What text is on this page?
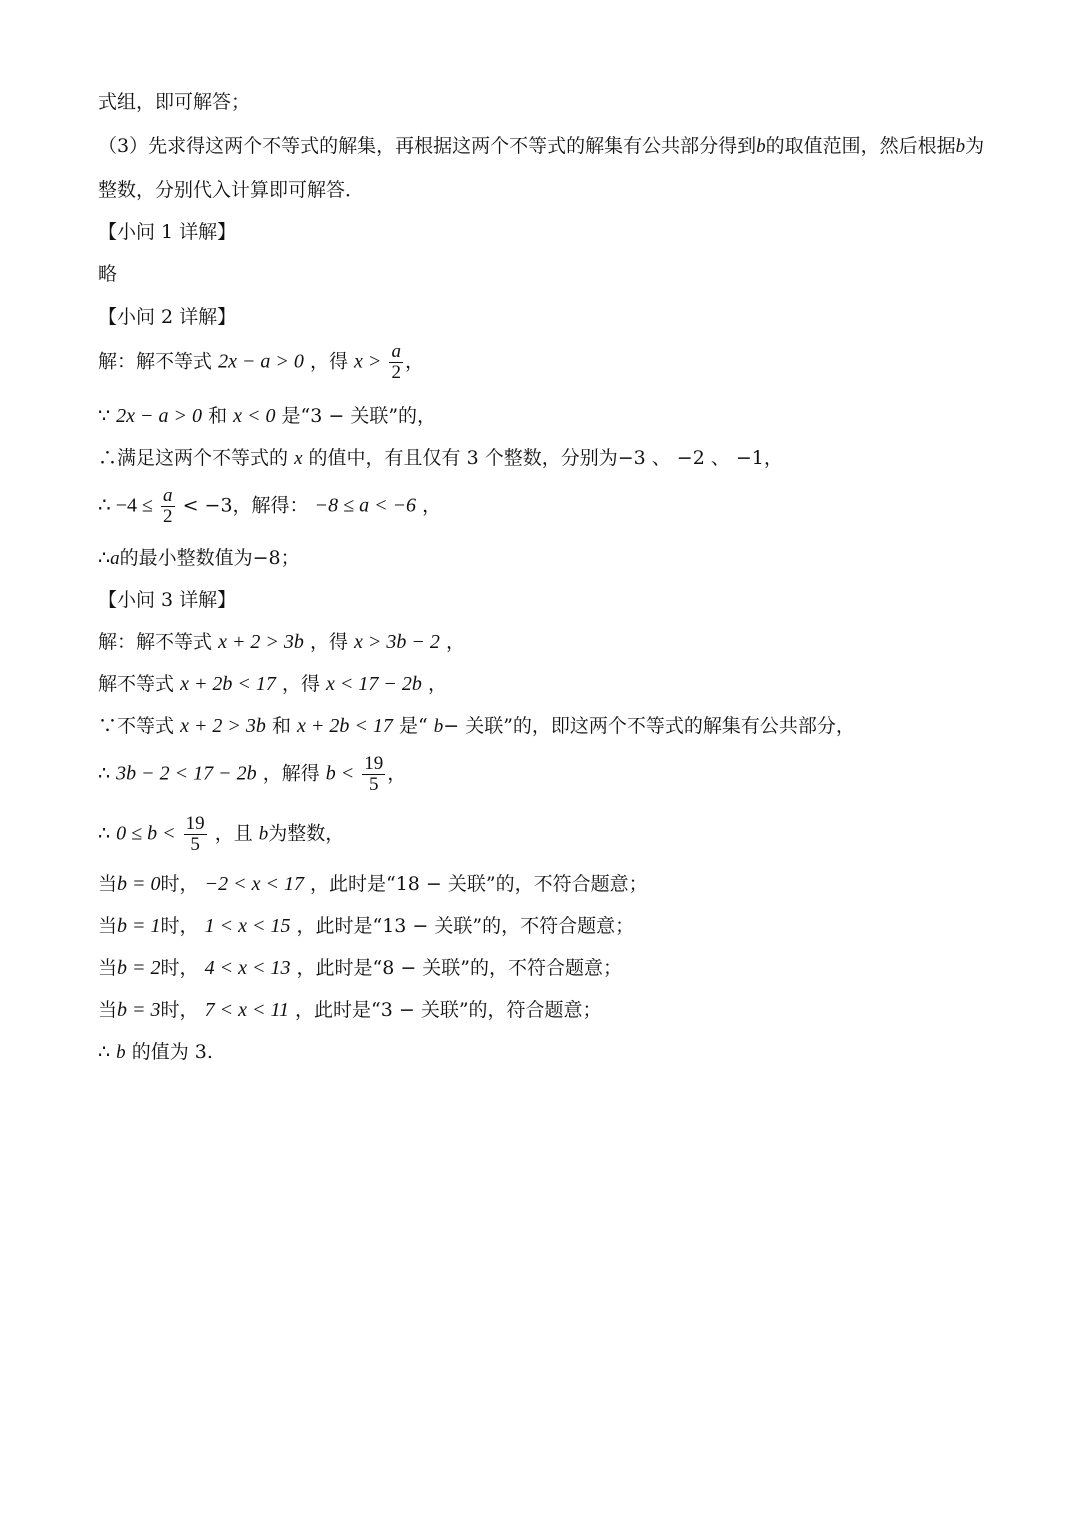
式组，即可解答；
（3）先求得这两个不等式的解集，再根据这两个不等式的解集有公共部分得到b的取值范围，然后根据b为
整数，分别代入计算即可解答．
【小问 1 详解】
略
【小问 2 详解】
解：解不等式 2x − a > 0 ，得 $x > \frac{a}{2}$ ，
∵ 2x − a > 0 和 x < 0 是“3 − 关联”的，
∴满足这两个不等式的 x 的值中，有且仅有 3 个整数，分别为−3 、 −2 、 −1，
∴ $-4 \le \frac{a}{2} < -3$，解得： −8 ≤ a < −6 ，
∴a的最小整数值为−8；
【小问 3 详解】
解：解不等式 x + 2 > 3b ，得 x > 3b − 2 ，
解不等式 x + 2b < 17 ，得 x < 17 − 2b ，
∵不等式 x + 2 > 3b 和 x + 2b < 17 是“ b− 关联”的，即这两个不等式的解集有公共部分，
∴ 3b − 2 < 17 − 2b ，解得 $b < \frac{19}{5}$ ，
∴ $0 \le b < \frac{19}{5}$ ，且 b为整数，
当b = 0时， −2 < x < 17 ，此时是“18 − 关联”的，不符合题意；
当b = 1时， 1 < x < 15 ，此时是“13 − 关联”的，不符合题意；
当b = 2时， 4 < x < 13 ，此时是“8 − 关联”的，不符合题意；
当b = 3时， 7 < x < 11 ，此时是“3 − 关联”的，符合题意；
∴ b 的值为 3.
